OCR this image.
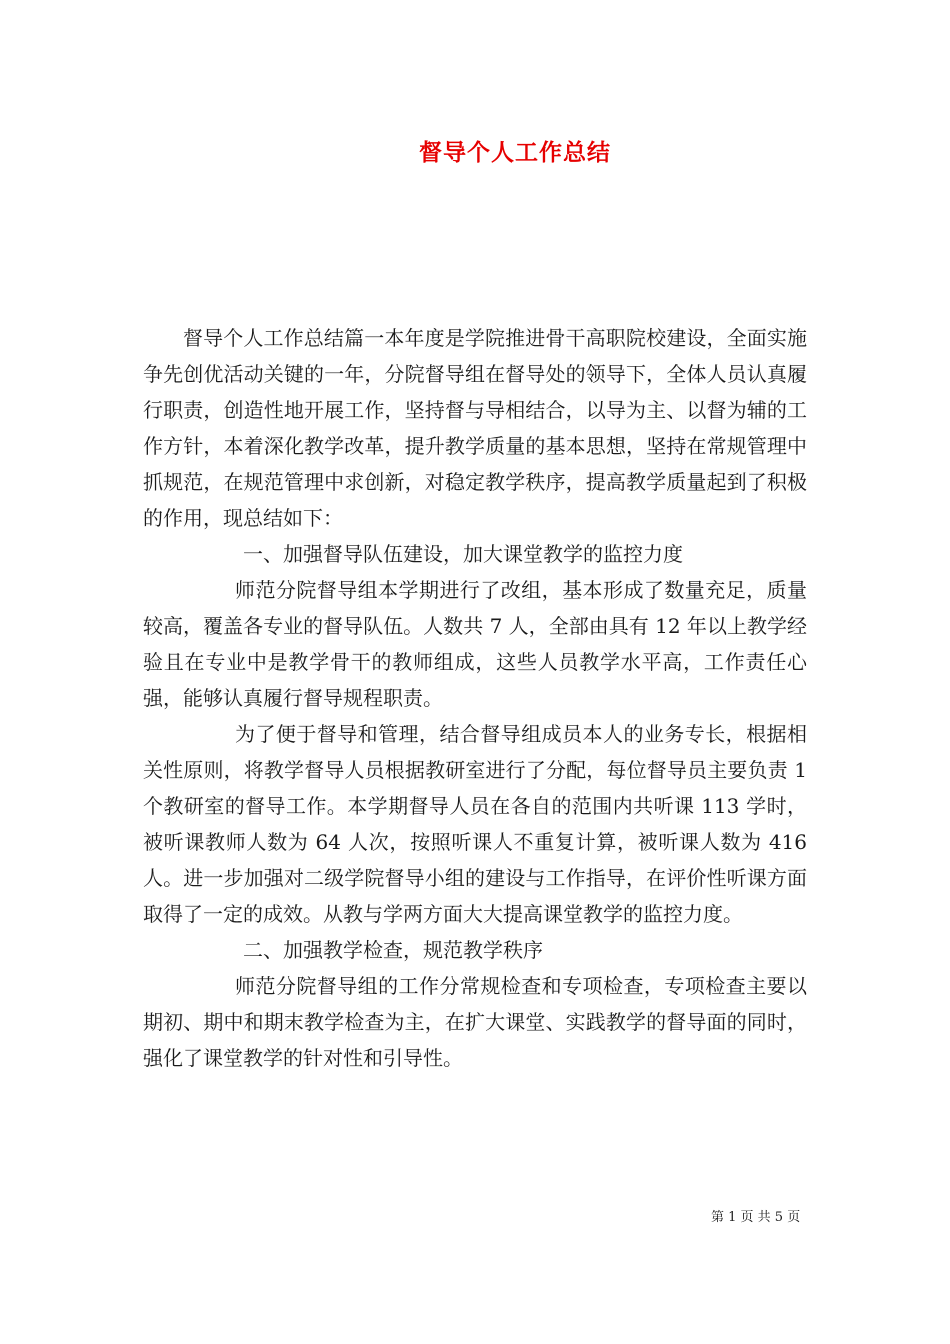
督导个人工作总结

督导个人工作总结篇一本年度是学院推进骨干高职院校建设，全面实施争先创优活动关键的一年，分院督导组在督导处的领导下，全体人员认真履行职责，创造性地开展工作，坚持督与导相结合，以导为主、以督为辅的工作方针，本着深化教学改革，提升教学质量的基本思想，坚持在常规管理中抓规范，在规范管理中求创新，对稳定教学秩序，提高教学质量起到了积极的作用，现总结如下：

一、加强督导队伍建设，加大课堂教学的监控力度

师范分院督导组本学期进行了改组，基本形成了数量充足，质量较高，覆盖各专业的督导队伍。人数共 7 人，全部由具有 12 年以上教学经验且在专业中是教学骨干的教师组成，这些人员教学水平高，工作责任心强，能够认真履行督导规程职责。

为了便于督导和管理，结合督导组成员本人的业务专长，根据相关性原则，将教学督导人员根据教研室进行了分配，每位督导员主要负责 1 个教研室的督导工作。本学期督导人员在各自的范围内共听课 113 学时，被听课教师人数为 64 人次，按照听课人不重复计算，被听课人数为 416 人。进一步加强对二级学院督导小组的建设与工作指导，在评价性听课方面取得了一定的成效。从教与学两方面大大提高课堂教学的监控力度。

二、加强教学检查，规范教学秩序

师范分院督导组的工作分常规检查和专项检查，专项检查主要以期初、期中和期末教学检查为主，在扩大课堂、实践教学的督导面的同时，强化了课堂教学的针对性和引导性。

第 1 页 共 5 页
